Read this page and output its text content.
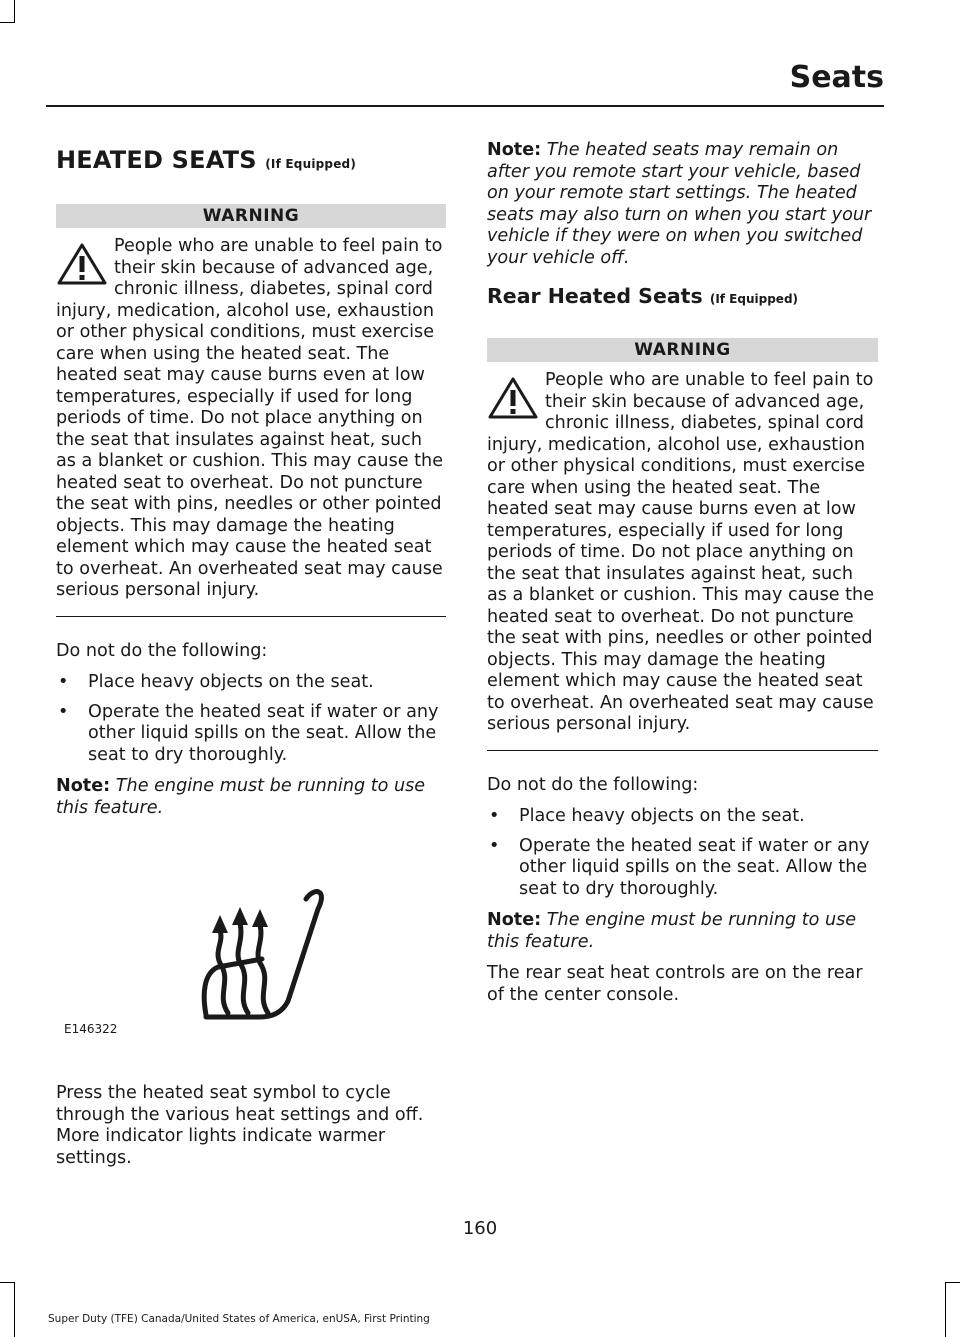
Seats
HEATED SEATS (If Equipped)
WARNING

People who are unable to feel pain to their skin because of advanced age, chronic illness, diabetes, spinal cord injury, medication, alcohol use, exhaustion or other physical conditions, must exercise care when using the heated seat. The heated seat may cause burns even at low temperatures, especially if used for long periods of time. Do not place anything on the seat that insulates against heat, such as a blanket or cushion. This may cause the heated seat to overheat. Do not puncture the seat with pins, needles or other pointed objects. This may damage the heating element which may cause the heated seat to overheat. An overheated seat may cause serious personal injury.

Do not do the following:

• Place heavy objects on the seat.
• Operate the heated seat if water or any other liquid spills on the seat. Allow the seat to dry thoroughly.

Note: The engine must be running to use this feature.

E146322

Press the heated seat symbol to cycle through the various heat settings and off. More indicator lights indicate warmer settings.

Note: The heated seats may remain on after you remote start your vehicle, based on your remote start settings. The heated seats may also turn on when you start your vehicle if they were on when you switched your vehicle off.

Rear Heated Seats (If Equipped)
WARNING

People who are unable to feel pain to their skin because of advanced age, chronic illness, diabetes, spinal cord injury, medication, alcohol use, exhaustion or other physical conditions, must exercise care when using the heated seat. The heated seat may cause burns even at low temperatures, especially if used for long periods of time. Do not place anything on the seat that insulates against heat, such as a blanket or cushion. This may cause the heated seat to overheat. Do not puncture the seat with pins, needles or other pointed objects. This may damage the heating element which may cause the heated seat to overheat. An overheated seat may cause serious personal injury.

Do not do the following:

• Place heavy objects on the seat.
• Operate the heated seat if water or any other liquid spills on the seat. Allow the seat to dry thoroughly.

Note: The engine must be running to use this feature.

The rear seat heat controls are on the rear of the center console.

160
Super Duty (TFE) Canada/United States of America, enUSA, First Printing
